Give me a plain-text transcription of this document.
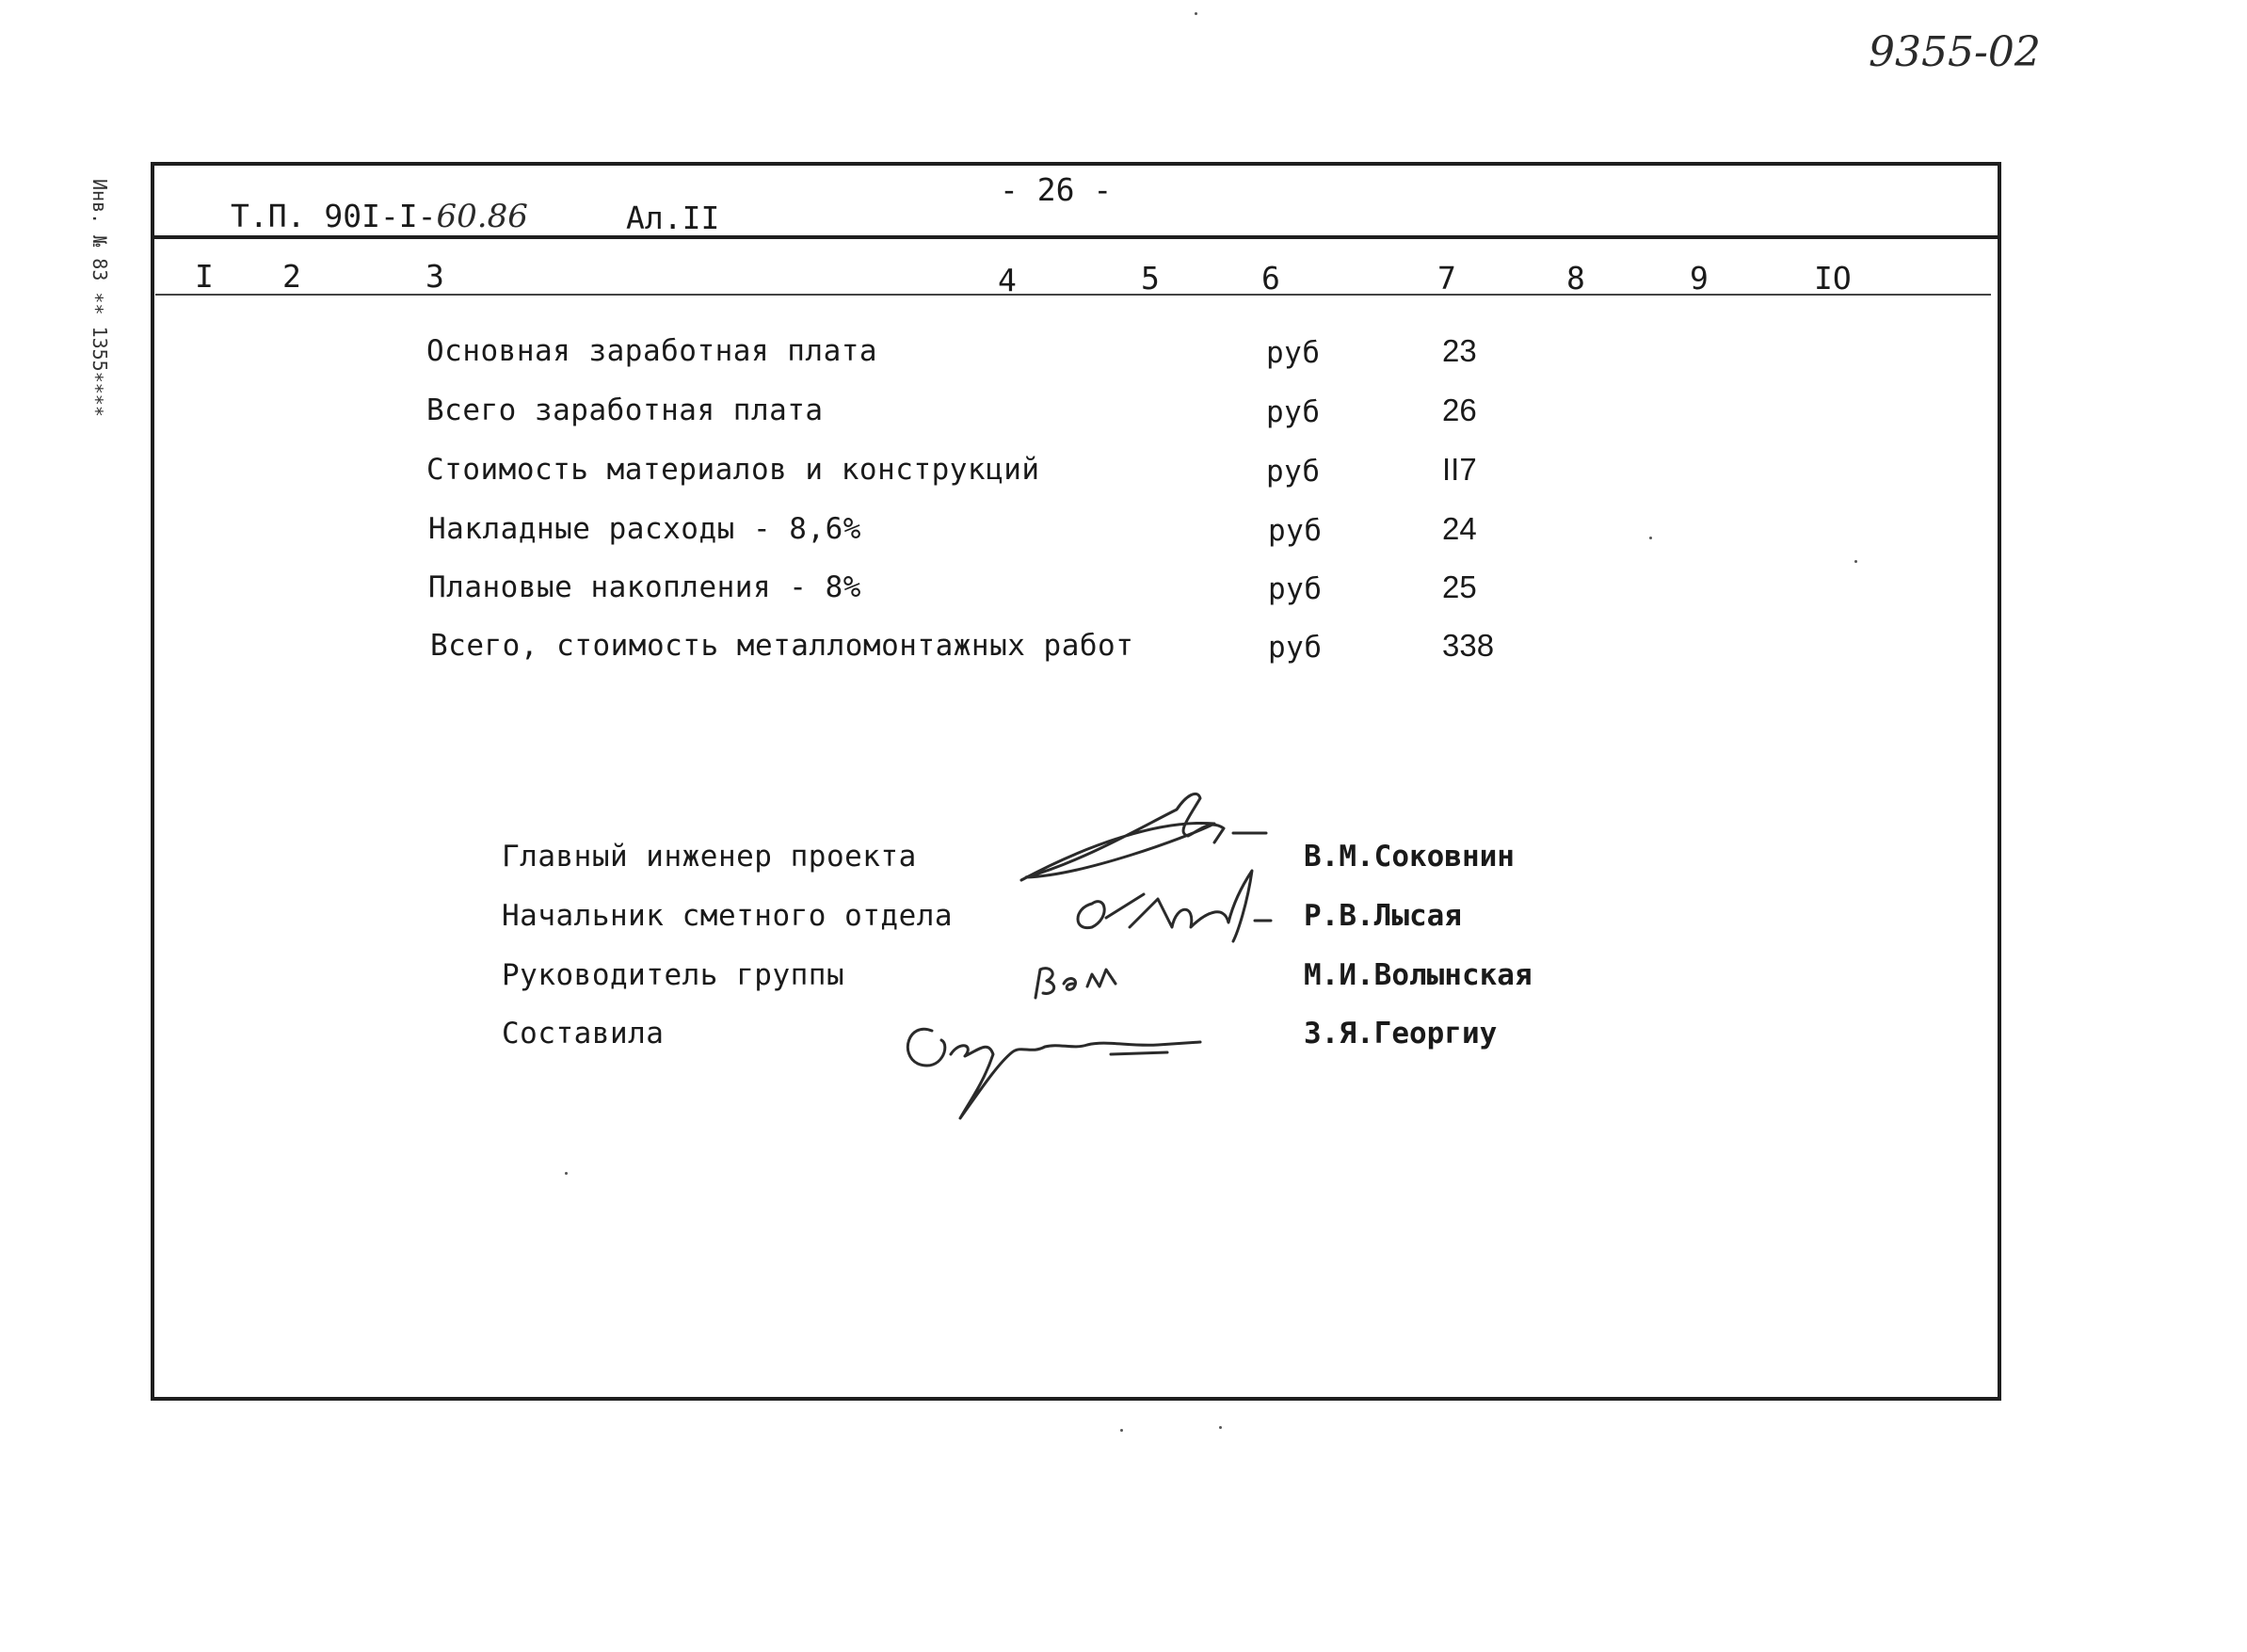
9355-02
Инв. № 83 ∗∗ 1355∗∗∗∗	Т.П. 90I-I-60.86	Ал.II
- 26 -
I 2	3	4	5	6	7	8	9	IO
Основная заработная плата	руб	23
Всего заработная плата	руб	26
Стоимость материалов и конструкций	руб	II7
Накладные расходы - 8,6%	руб	24
Плановые накопления - 8%	руб	25
Всего, стоимость металломонтажных работ	руб	338
Главный инженер проекта	В.М.Соковнин
Начальник сметного отдела	Р.В.Лысая
Руководитель группы	М.И.Волынская
Составила	З.Я.Георгиу
